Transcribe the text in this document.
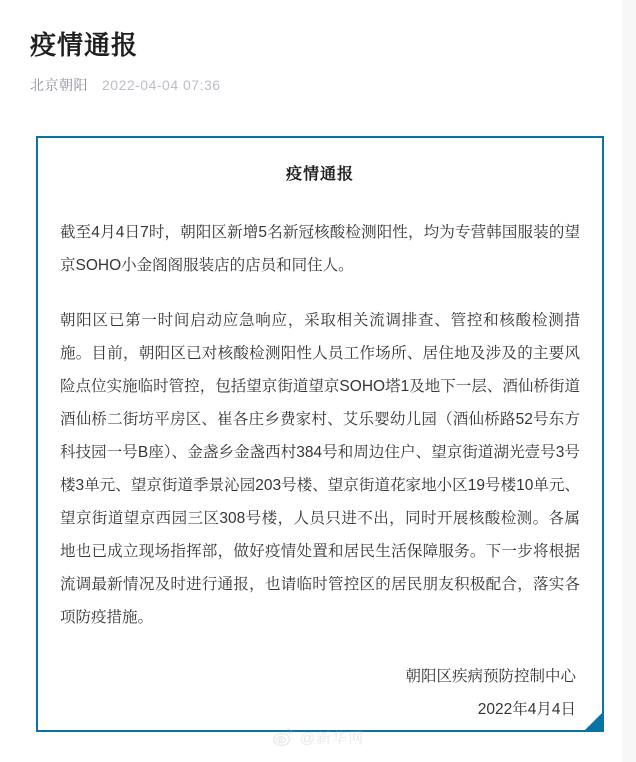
疫情通报
北京朝阳 2022-04-04 07:36
疫情通报

截至4月4日7时，朝阳区新增5名新冠核酸检测阳性，均为专营韩国服装的望京SOHO小金阁阁服装店的店员和同住人。

朝阳区已第一时间启动应急响应，采取相关流调排查、管控和核酸检测措施。目前，朝阳区已对核酸检测阳性人员工作场所、居住地及涉及的主要风险点位实施临时管控，包括望京街道望京SOHO塔1及地下一层、酒仙桥街道酒仙桥二街坊平房区、崔各庄乡费家村、艾乐婴幼儿园（酒仙桥路52号东方科技园一号B座）、金盏乡金盏西村384号和周边住户、望京街道湖光壹号3号楼3单元、望京街道季景沁园203号楼、望京街道花家地小区19号楼10单元、望京街道望京西园三区308号楼，人员只进不出，同时开展核酸检测。各属地也已成立现场指挥部，做好疫情处置和居民生活保障服务。下一步将根据流调最新情况及时进行通报，也请临时管控区的居民朋友积极配合，落实各项防疫措施。

朝阳区疾病预防控制中心
2022年4月4日
@新华网
